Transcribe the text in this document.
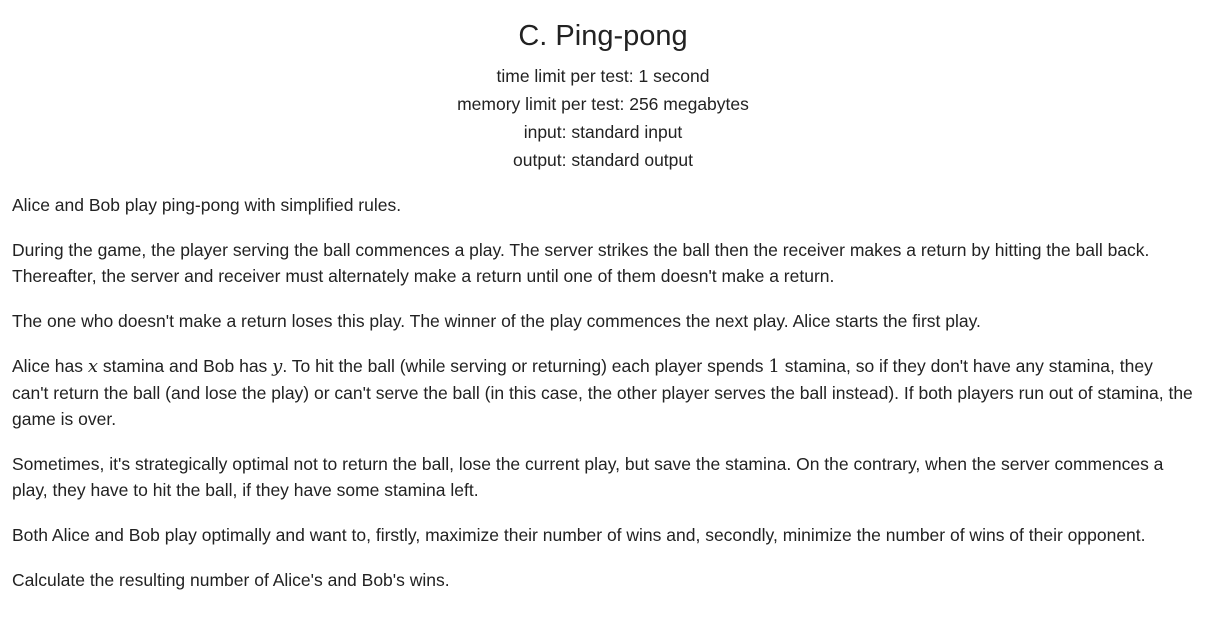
C. Ping-pong
time limit per test: 1 second
memory limit per test: 256 megabytes
input: standard input
output: standard output

Alice and Bob play ping-pong with simplified rules.

During the game, the player serving the ball commences a play. The server strikes the ball then the receiver makes a return by hitting the ball back. Thereafter, the server and receiver must alternately make a return until one of them doesn't make a return.

The one who doesn't make a return loses this play. The winner of the play commences the next play. Alice starts the first play.

Alice has x stamina and Bob has y. To hit the ball (while serving or returning) each player spends 1 stamina, so if they don't have any stamina, they can't return the ball (and lose the play) or can't serve the ball (in this case, the other player serves the ball instead). If both players run out of stamina, the game is over.

Sometimes, it's strategically optimal not to return the ball, lose the current play, but save the stamina. On the contrary, when the server commences a play, they have to hit the ball, if they have some stamina left.

Both Alice and Bob play optimally and want to, firstly, maximize their number of wins and, secondly, minimize the number of wins of their opponent.

Calculate the resulting number of Alice's and Bob's wins.
